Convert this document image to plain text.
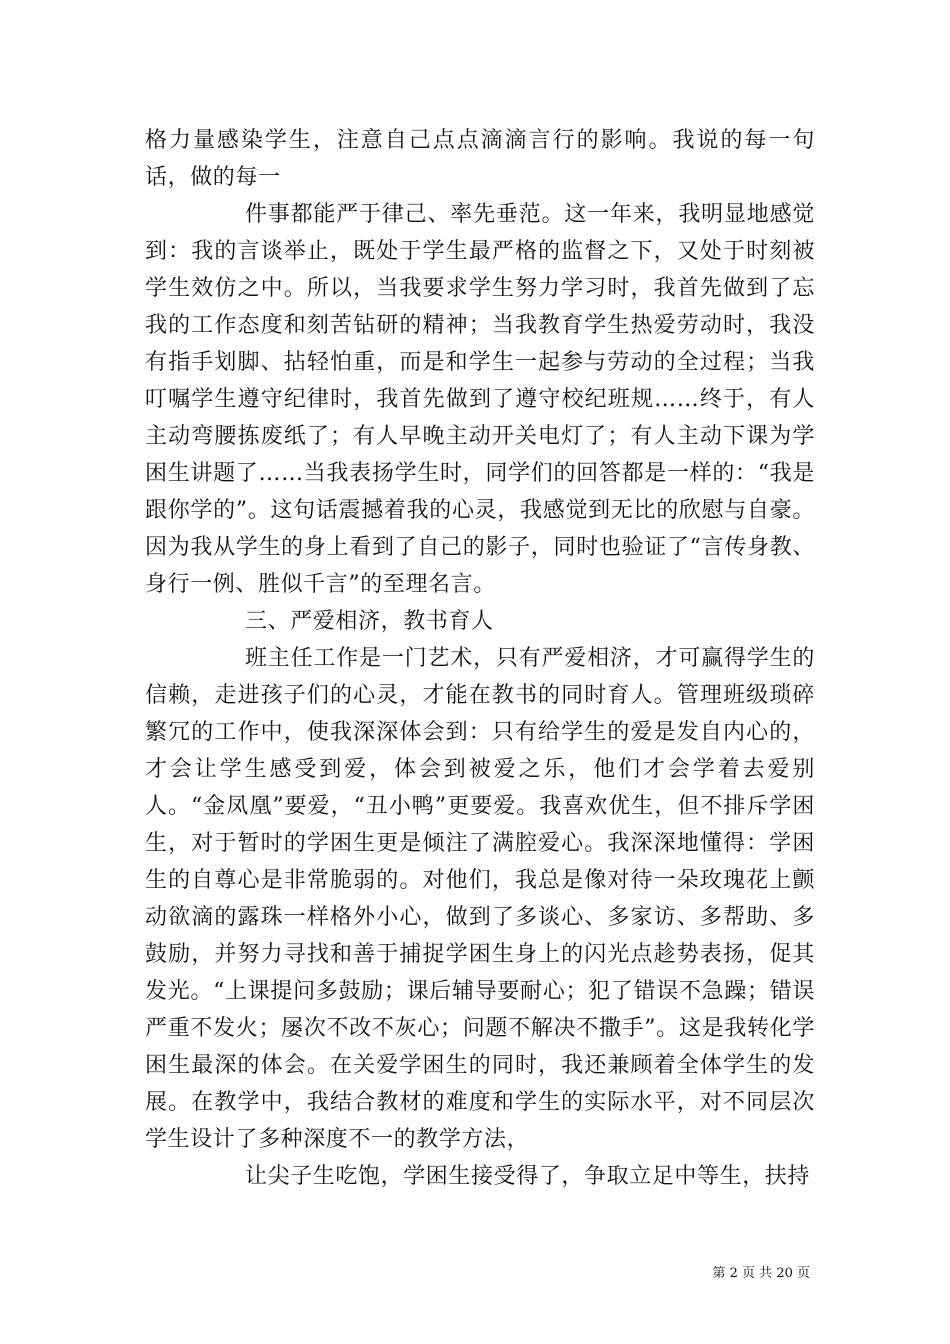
格力量感染学生，注意自己点点滴滴言行的影响。我说的每一句话，做的每一

件事都能严于律己、率先垂范。这一年来，我明显地感觉到：我的言谈举止，既处于学生最严格的监督之下，又处于时刻被学生效仿之中。所以，当我要求学生努力学习时，我首先做到了忘我的工作态度和刻苦钻研的精神；当我教育学生热爱劳动时，我没有指手划脚、拈轻怕重，而是和学生一起参与劳动的全过程；当我叮嘱学生遵守纪律时，我首先做到了遵守校纪班规……终于，有人主动弯腰拣废纸了；有人早晚主动开关电灯了；有人主动下课为学困生讲题了……当我表扬学生时，同学们的回答都是一样的：“我是跟你学的”。这句话震撼着我的心灵，我感觉到无比的欣慰与自豪。因为我从学生的身上看到了自己的影子，同时也验证了“言传身教、身行一例、胜似千言”的至理名言。

三、严爱相济，教书育人

班主任工作是一门艺术，只有严爱相济，才可赢得学生的信赖，走进孩子们的心灵，才能在教书的同时育人。管理班级琐碎繁冗的工作中，使我深深体会到：只有给学生的爱是发自内心的，才会让学生感受到爱，体会到被爱之乐，他们才会学着去爱别人。“金凤凰”要爱，“丑小鸭”更要爱。我喜欢优生，但不排斥学困生，对于暂时的学困生更是倾注了满腔爱心。我深深地懂得：学困生的自尊心是非常脆弱的。对他们，我总是像对待一朵玫瑰花上颤动欲滴的露珠一样格外小心，做到了多谈心、多家访、多帮助、多鼓励，并努力寻找和善于捕捉学困生身上的闪光点趁势表扬，促其发光。“上课提问多鼓励；课后辅导要耐心；犯了错误不急躁；错误严重不发火；屡次不改不灰心；问题不解决不撒手”。这是我转化学困生最深的体会。在关爱学困生的同时，我还兼顾着全体学生的发展。在教学中，我结合教材的难度和学生的实际水平，对不同层次学生设计了多种深度不一的教学方法，

让尖子生吃饱，学困生接受得了，争取立足中等生，扶持

第 2 页 共 20 页
